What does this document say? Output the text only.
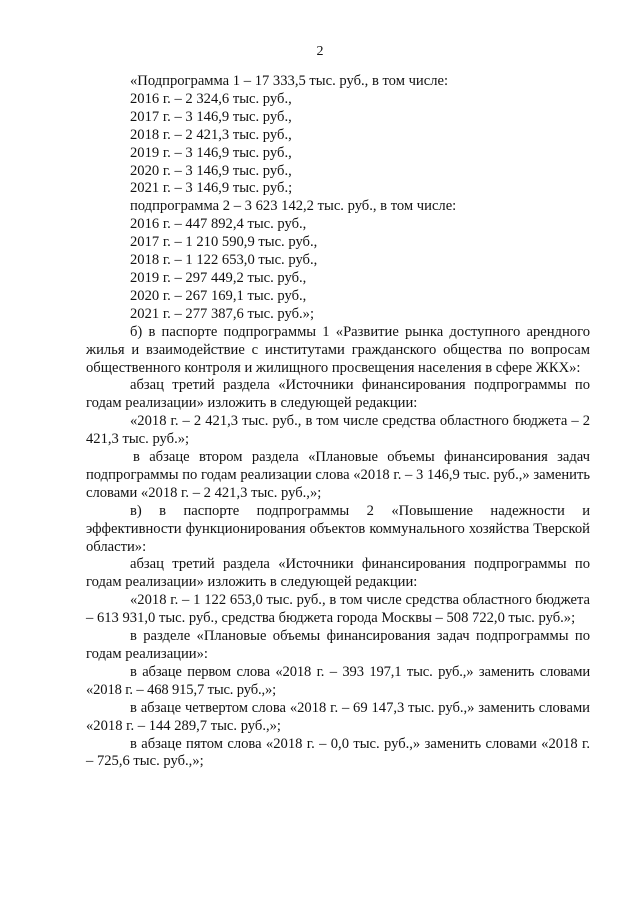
2

«Подпрограмма 1 – 17 333,5 тыс. руб., в том числе:

2016 г. – 2 324,6 тыс. руб.,

2017 г. – 3 146,9 тыс. руб.,

2018 г. – 2 421,3 тыс. руб.,

2019 г. – 3 146,9 тыс. руб.,

2020 г. – 3 146,9 тыс. руб.,

2021 г. – 3 146,9 тыс. руб.;

подпрограмма 2 – 3 623 142,2 тыс. руб., в том числе:

2016 г. – 447 892,4 тыс. руб.,

2017 г. – 1 210 590,9 тыс. руб.,

2018 г. – 1 122 653,0 тыс. руб.,

2019 г. – 297 449,2 тыс. руб.,

2020 г. – 267 169,1 тыс. руб.,

2021 г. – 277 387,6 тыс. руб.»;

б) в паспорте подпрограммы 1 «Развитие рынка доступного арендного жилья и взаимодействие с институтами гражданского общества по вопросам общественного контроля и жилищного просвещения населения в сфере ЖКХ»:

абзац третий раздела «Источники финансирования подпрограммы по годам реализации» изложить в следующей редакции:

«2018 г. – 2 421,3 тыс. руб., в том числе средства областного бюджета – 2 421,3 тыс. руб.»;

в абзаце втором раздела «Плановые объемы финансирования задач подпрограммы по годам реализации слова «2018 г. – 3 146,9 тыс. руб.,» заменить словами «2018 г. – 2 421,3 тыс. руб.,»;

в) в паспорте подпрограммы 2 «Повышение надежности и эффективности функционирования объектов коммунального хозяйства Тверской области»:

абзац третий раздела «Источники финансирования подпрограммы по годам реализации» изложить в следующей редакции:

«2018 г. – 1 122 653,0 тыс. руб., в том числе средства областного бюджета – 613 931,0 тыс. руб., средства бюджета города Москвы – 508 722,0 тыс. руб.»;

в разделе «Плановые объемы финансирования задач подпрограммы по годам реализации»:

в абзаце первом слова «2018 г. – 393 197,1 тыс. руб.,» заменить словами «2018 г. – 468 915,7 тыс. руб.,»;

в абзаце четвертом слова «2018 г. – 69 147,3 тыс. руб.,» заменить словами «2018 г. – 144 289,7 тыс. руб.,»;

в абзаце пятом слова «2018 г. – 0,0 тыс. руб.,» заменить словами «2018 г. – 725,6 тыс. руб.,»;
